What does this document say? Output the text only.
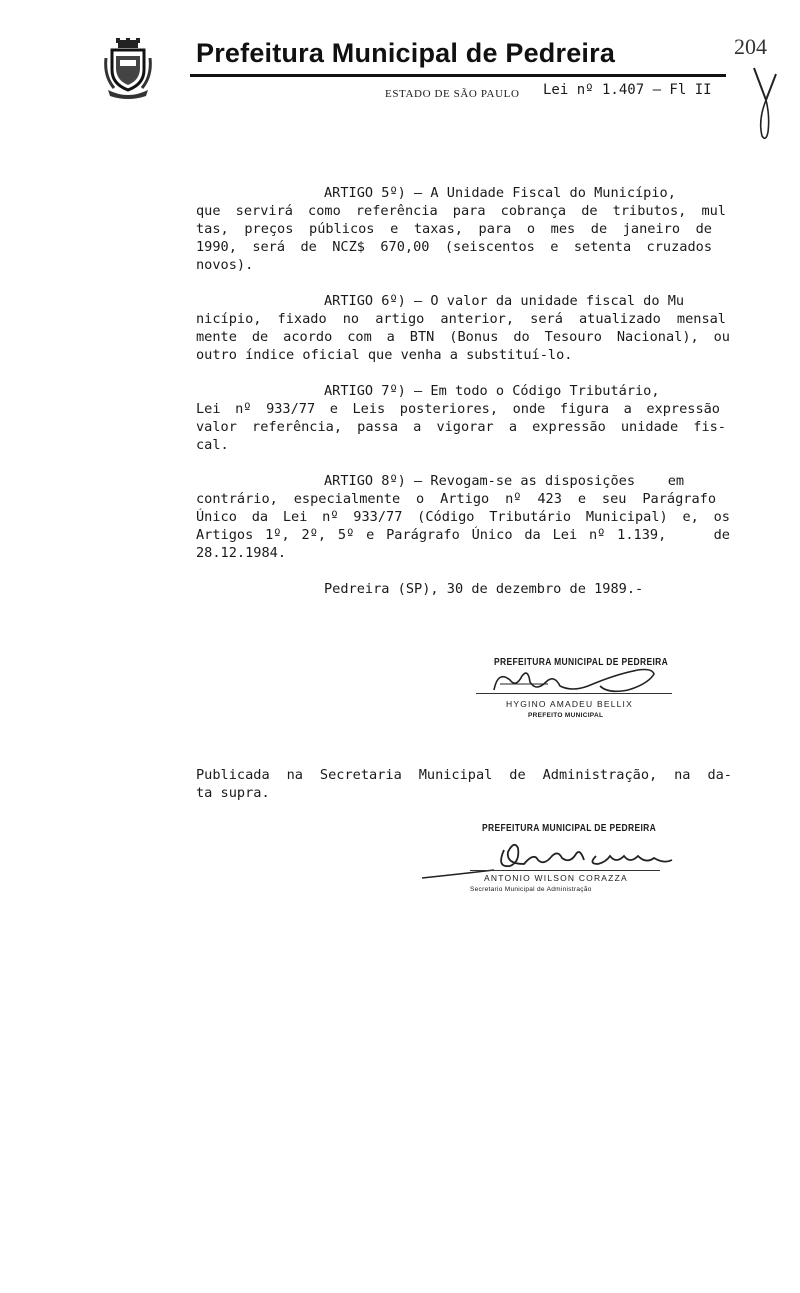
Prefeitura Municipal de Pedreira	204
ESTADO DE SÃO PAULO Lei nº 1.407 – Fl II
ARTIGO 5º) – A Unidade Fiscal do Município,
que servirá como referência para cobrança de tributos, mul
tas, preços públicos e taxas, para o mes de janeiro de
1990, será de NCZ$ 670,00 (seiscentos e setenta cruzados
novos).
ARTIGO 6º) – O valor da unidade fiscal do Mu
nicípio, fixado no artigo anterior, será atualizado mensal
mente de acordo com a BTN (Bonus do Tesouro Nacional), ou
outro índice oficial que venha a substituí-lo.
ARTIGO 7º) – Em todo o Código Tributário,
Lei nº 933/77 e Leis posteriores, onde figura a expressão
valor referência, passa a vigorar a expressão unidade fis-
cal.
ARTIGO 8º) – Revogam-se as disposições    em
contrário, especialmente o Artigo nº 423 e seu Parágrafo
Único da Lei nº 933/77 (Código Tributário Municipal) e, os
Artigos 1º, 2º, 5º e Parágrafo Único da Lei nº 1.139,    de
28.12.1984.
Pedreira (SP), 30 de dezembro de 1989.-
PREFEITURA MUNICIPAL DE PEDREIRA
HYGINO AMADEU BELLIX
PREFEITO MUNICIPAL
Publicada na Secretaria Municipal de Administração, na da-
ta supra.
PREFEITURA MUNICIPAL DE PEDREIRA
ANTONIO WILSON CORAZZA
Secretario Municipal de Administração
